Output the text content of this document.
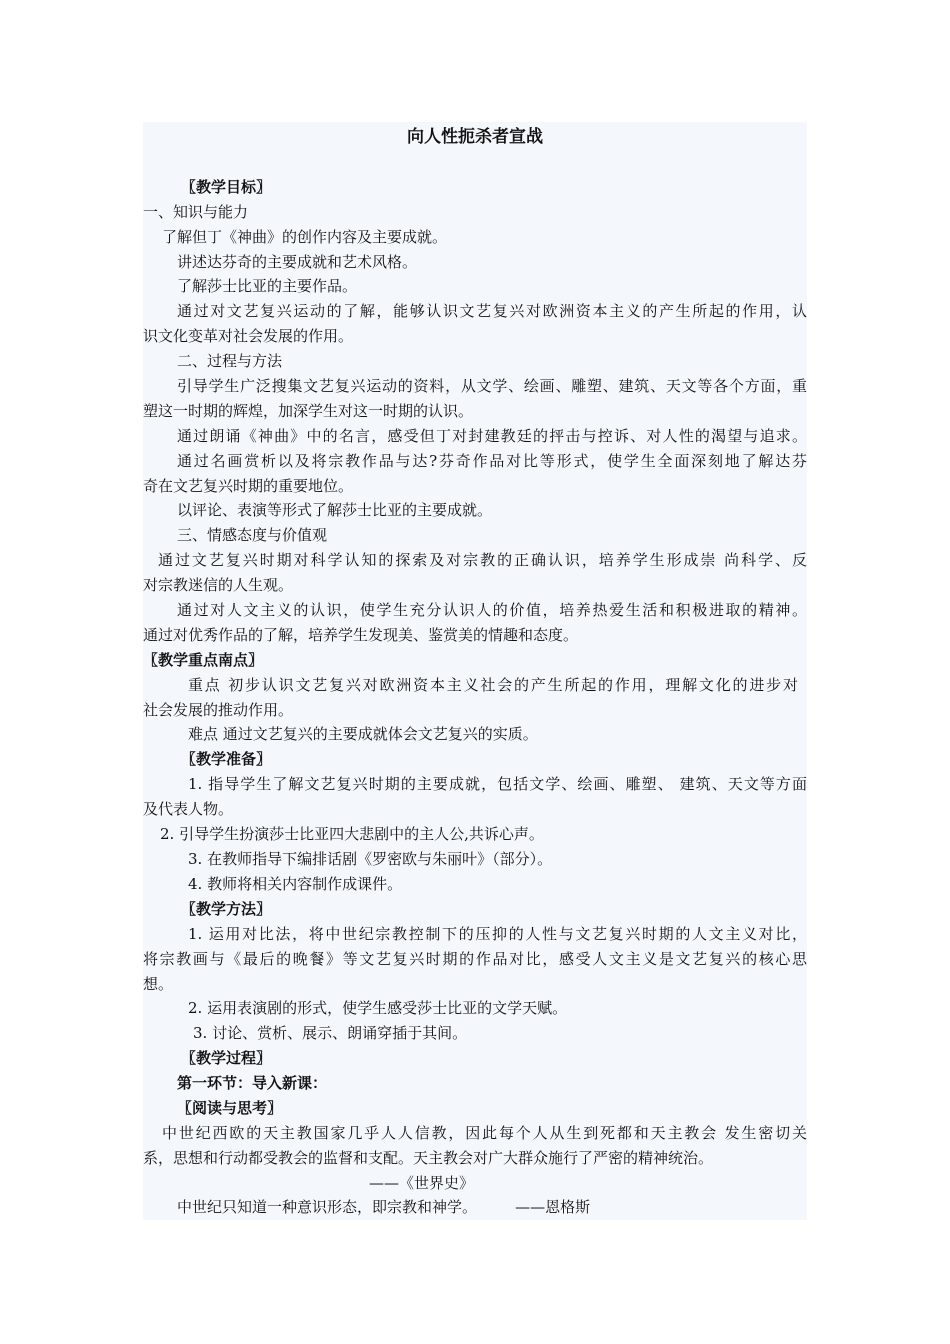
向人性扼杀者宣战
〖教学目标〗
一、知识与能力
了解但丁《神曲》的创作内容及主要成就。
讲述达芬奇的主要成就和艺术风格。
了解莎士比亚的主要作品。
通过对文艺复兴运动的了解，能够认识文艺复兴对欧洲资本主义的产生所起的作用，认
识文化变革对社会发展的作用。
二、过程与方法
引导学生广泛搜集文艺复兴运动的资料，从文学、绘画、雕塑、建筑、天文等各个方面，重
塑这一时期的辉煌，加深学生对这一时期的认识。
通过朗诵《神曲》中的名言，感受但丁对封建教廷的抨击与控诉、对人性的渴望与追求。
通过名画赏析以及将宗教作品与达?芬奇作品对比等形式，使学生全面深刻地了解达芬
奇在文艺复兴时期的重要地位。
以评论、表演等形式了解莎士比亚的主要成就。
三、情感态度与价值观
通过文艺复兴时期对科学认知的探索及对宗教的正确认识，培养学生形成崇 尚科学、反
对宗教迷信的人生观。
通过对人文主义的认识，使学生充分认识人的价值，培养热爱生活和积极进取的精神。
通过对优秀作品的了解，培养学生发现美、鉴赏美的情趣和态度。
〖教学重点南点〗
重点 初步认识文艺复兴对欧洲资本主义社会的产生所起的作用，理解文化的进步对
社会发展的推动作用。
难点 通过文艺复兴的主要成就体会文艺复兴的实质。
〖教学准备〗
1. 指导学生了解文艺复兴时期的主要成就，包括文学、绘画、雕塑、 建筑、天文等方面
及代表人物。
2. 引导学生扮演莎士比亚四大悲剧中的主人公,共诉心声。
3. 在教师指导下编排话剧《罗密欧与朱丽叶》（部分）。
4. 教师将相关内容制作成课件。
〖教学方法〗
1. 运用对比法，将中世纪宗教控制下的压抑的人性与文艺复兴时期的人文主义对比，
将宗教画与《最后的晚餐》等文艺复兴时期的作品对比，感受人文主义是文艺复兴的核心思
想。
2. 运用表演剧的形式，使学生感受莎士比亚的文学天赋。
3. 讨论、赏析、展示、朗诵穿插于其间。
〖教学过程〗
第一环节：导入新课：
〖阅读与思考〗
中世纪西欧的天主教国家几乎人人信教，因此每个人从生到死都和天主教会 发生密切关
系，思想和行动都受教会的监督和支配。天主教会对广大群众施行了严密的精神统治。
——《世界史》
中世纪只知道一种意识形态，即宗教和神学。        ——恩格斯
